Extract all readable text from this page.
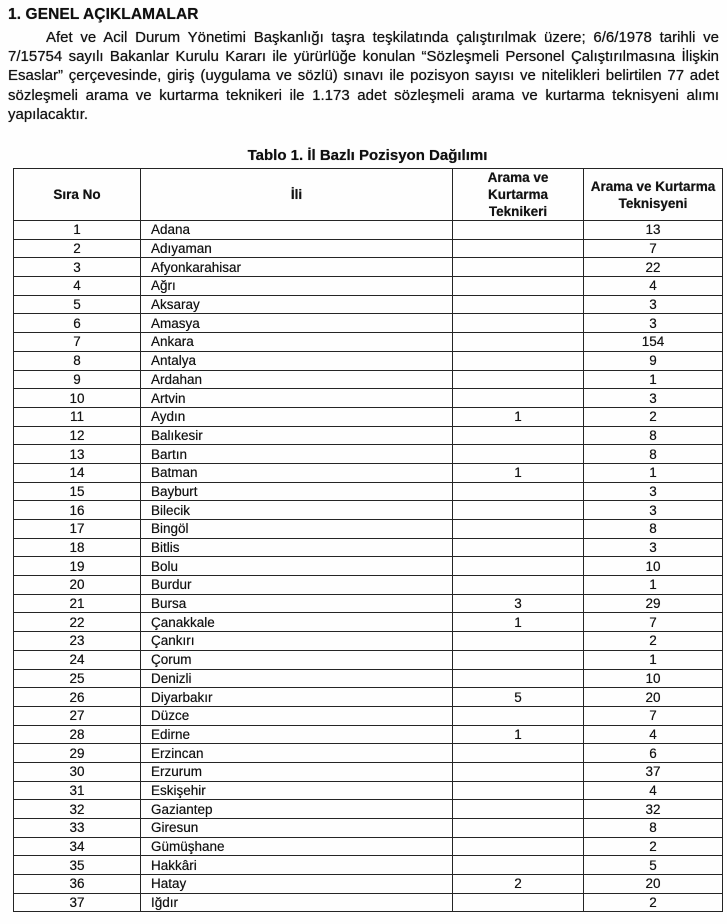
1. GENEL AÇIKLAMALAR
Afet ve Acil Durum Yönetimi Başkanlığı taşra teşkilatında çalıştırılmak üzere; 6/6/1978 tarihli ve 7/15754 sayılı Bakanlar Kurulu Kararı ile yürürlüğe konulan “Sözleşmeli Personel Çalıştırılmasına İlişkin Esaslar” çerçevesinde, giriş (uygulama ve sözlü) sınavı ile pozisyon sayısı ve nitelikleri belirtilen 77 adet sözleşmeli arama ve kurtarma teknikeri ile 1.173 adet sözleşmeli arama ve kurtarma teknisyeni alımı yapılacaktır.
Tablo 1. İl Bazlı Pozisyon Dağılımı
Sıra No	İli	Arama ve Kurtarma Teknikeri	Arama ve Kurtarma Teknisyeni
1	Adana		13
2	Adıyaman		7
3	Afyonkarahisar		22
4	Ağrı		4
5	Aksaray		3
6	Amasya		3
7	Ankara		154
8	Antalya		9
9	Ardahan		1
10	Artvin		3
11	Aydın	1	2
12	Balıkesir		8
13	Bartın		8
14	Batman	1	1
15	Bayburt		3
16	Bilecik		3
17	Bingöl		8
18	Bitlis		3
19	Bolu		10
20	Burdur		1
21	Bursa	3	29
22	Çanakkale	1	7
23	Çankırı		2
24	Çorum		1
25	Denizli		10
26	Diyarbakır	5	20
27	Düzce		7
28	Edirne	1	4
29	Erzincan		6
30	Erzurum		37
31	Eskişehir		4
32	Gaziantep		32
33	Giresun		8
34	Gümüşhane		2
35	Hakkâri		5
36	Hatay	2	20
37	Iğdır		2
